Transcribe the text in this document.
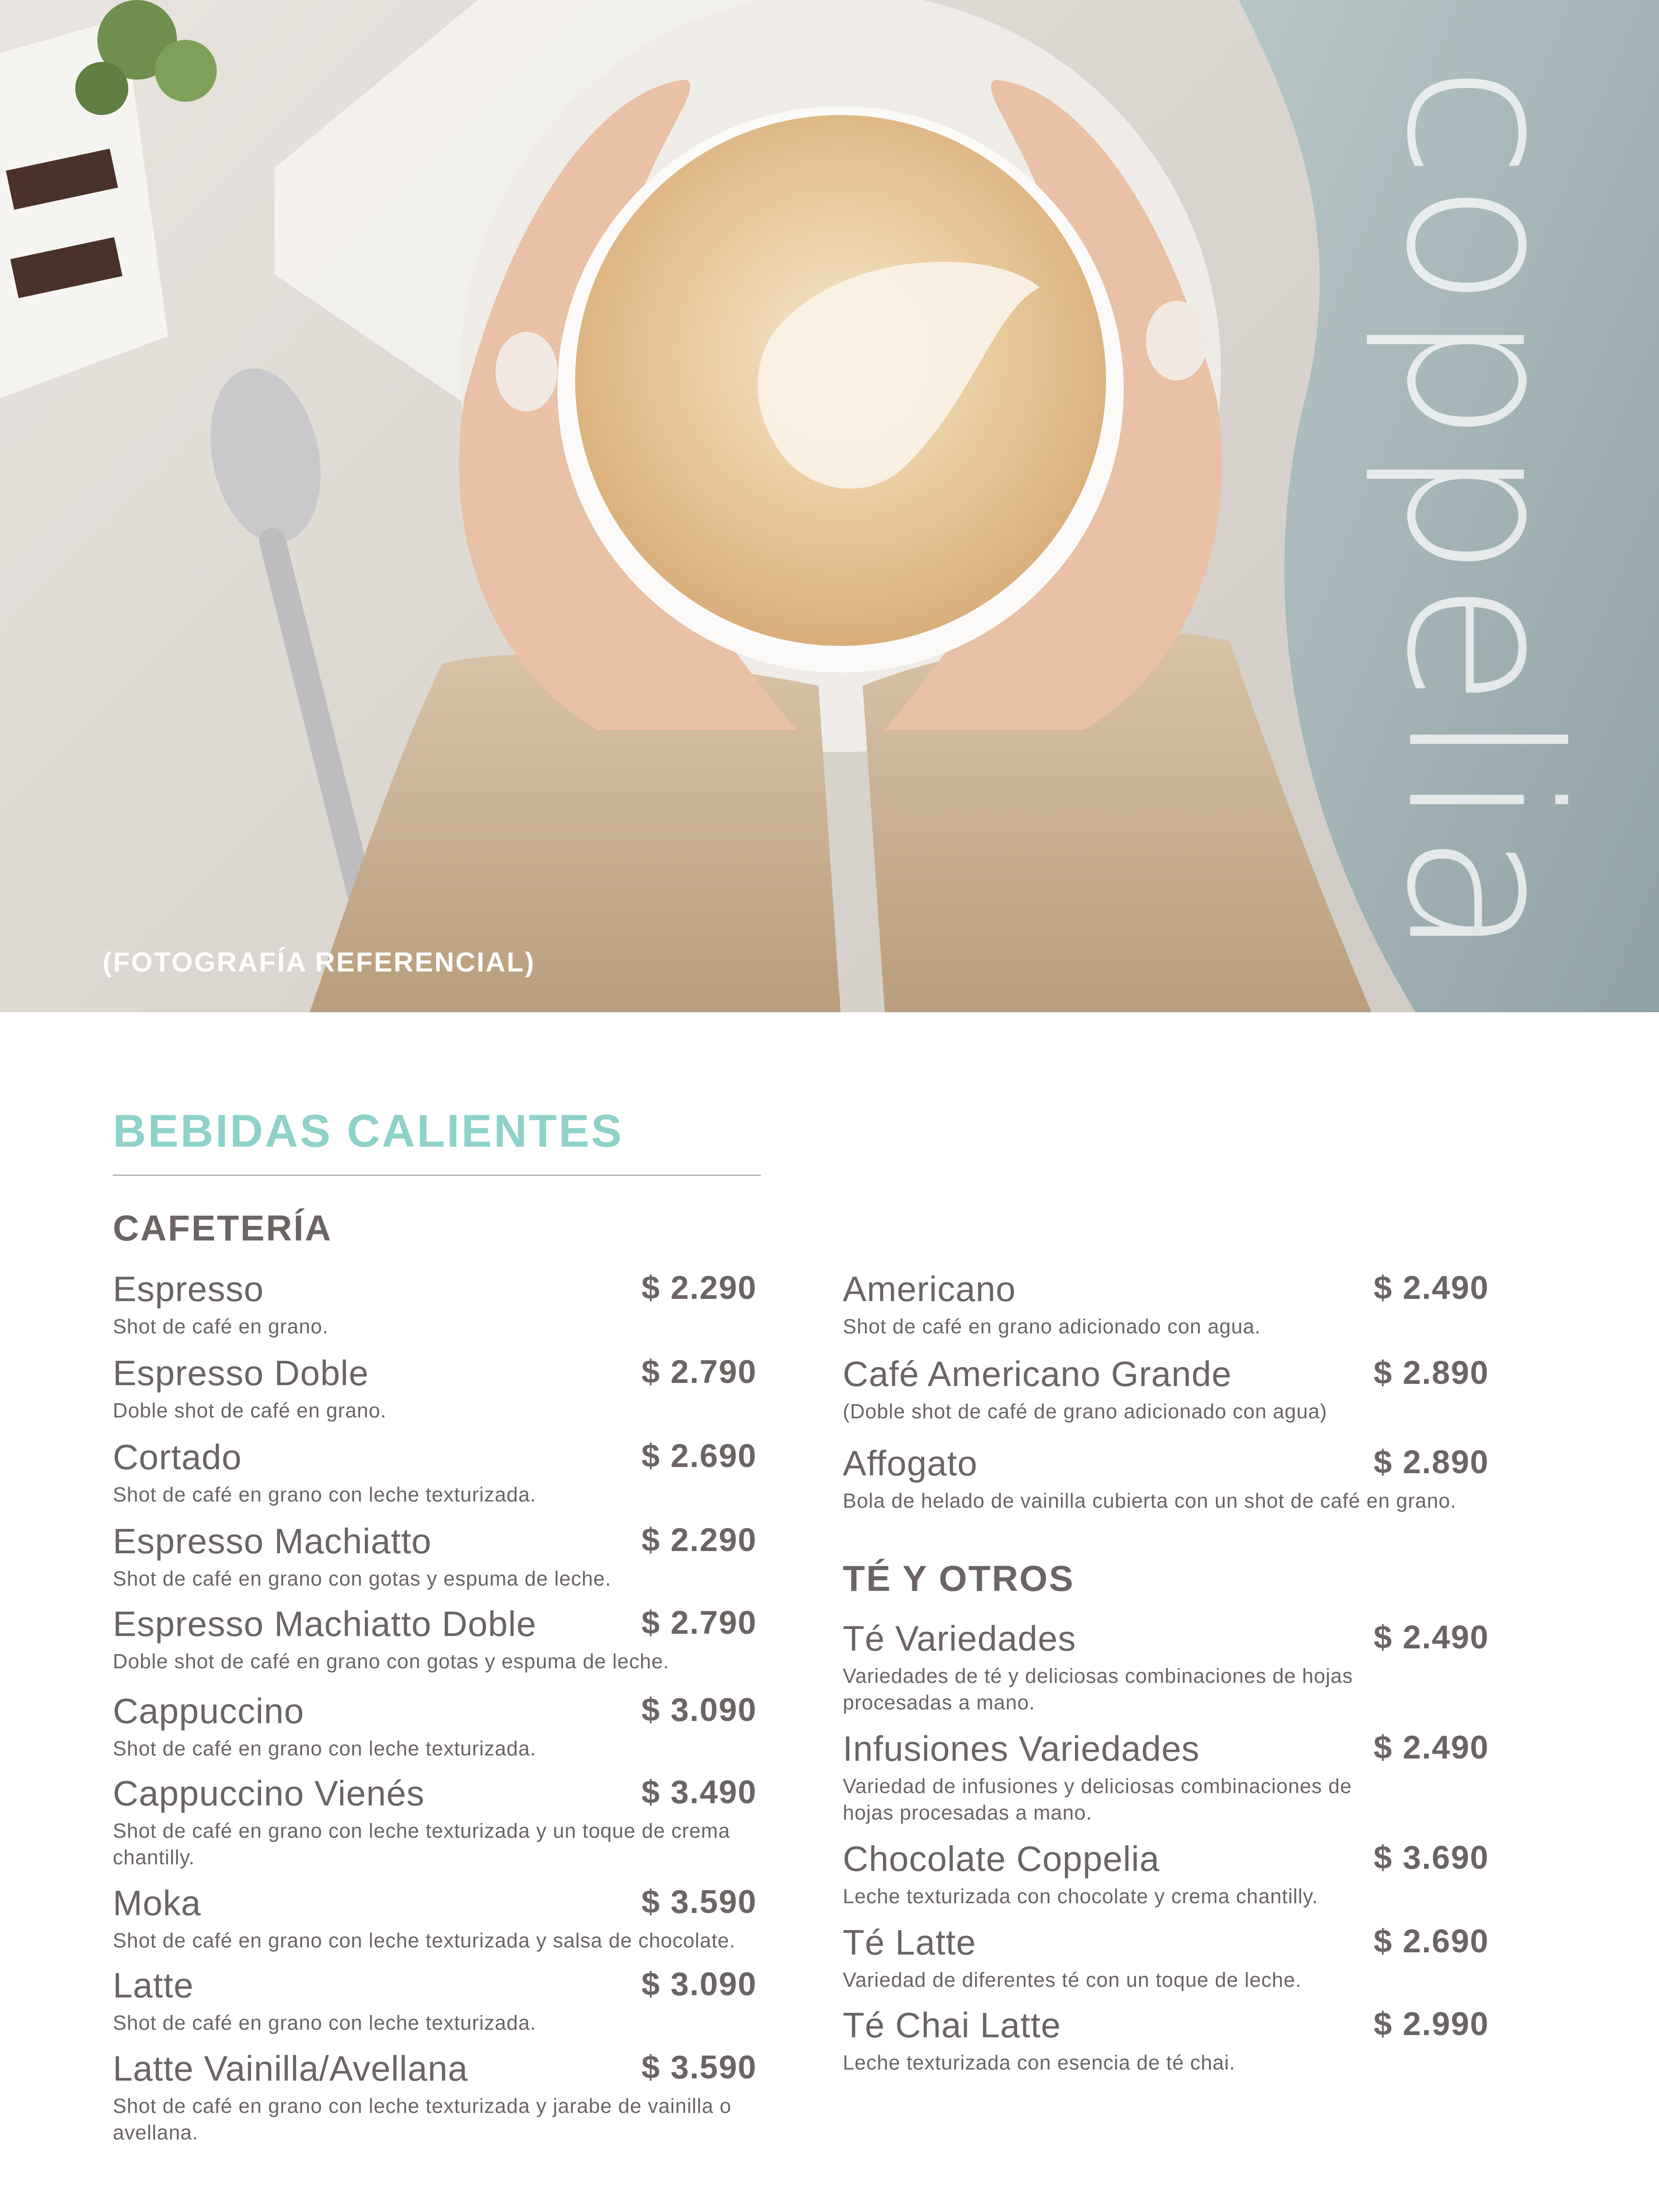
coppelia
(FOTOGRAFÍA REFERENCIAL)
BEBIDAS CALIENTES
CAFETERÍA
Espresso	$ 2.290
Shot de café en grano.
Espresso Doble	$ 2.790
Doble shot de café en grano.
Cortado	$ 2.690
Shot de café en grano con leche texturizada.
Espresso Machiatto	$ 2.290
Shot de café en grano con gotas y espuma de leche.
Espresso Machiatto Doble	$ 2.790
Doble shot de café en grano con gotas y espuma de leche.
Cappuccino	$ 3.090
Shot de café en grano con leche texturizada.
Cappuccino Vienés	$ 3.490
Shot de café en grano con leche texturizada y un toque de crema chantilly.
Moka	$ 3.590
Shot de café en grano con leche texturizada y salsa de chocolate.
Latte	$ 3.090
Shot de café en grano con leche texturizada.
Latte Vainilla/Avellana	$ 3.590
Shot de café en grano con leche texturizada y jarabe de vainilla o avellana.
Americano	$ 2.490
Shot de café en grano adicionado con agua.
Café Americano Grande	$ 2.890
(Doble shot de café de grano adicionado con agua)
Affogato	$ 2.890
Bola de helado de vainilla cubierta con un shot de café en grano.
TÉ Y OTROS
Té Variedades	$ 2.490
Variedades de té y deliciosas combinaciones de hojas procesadas a mano.
Infusiones Variedades	$ 2.490
Variedad de infusiones y deliciosas combinaciones de hojas procesadas a mano.
Chocolate Coppelia	$ 3.690
Leche texturizada con chocolate y crema chantilly.
Té Latte	$ 2.690
Variedad de diferentes té con un toque de leche.
Té Chai Latte	$ 2.990
Leche texturizada con esencia de té chai.
